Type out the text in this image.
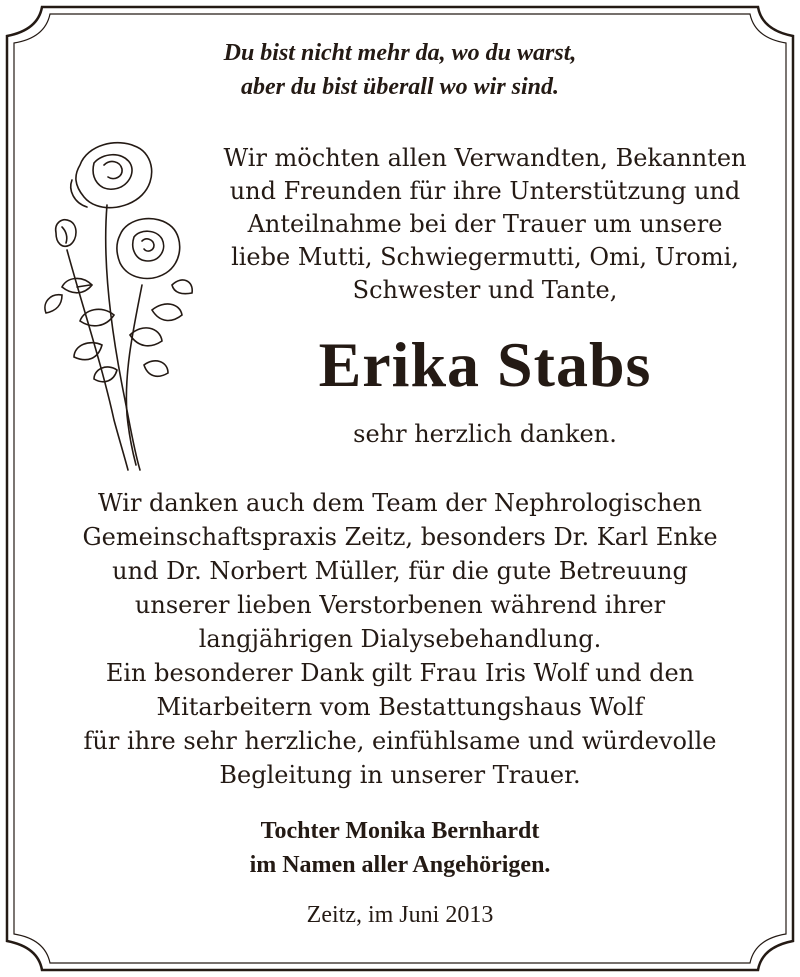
Du bist nicht mehr da, wo du warst,
aber du bist überall wo wir sind.
Wir möchten allen Verwandten, Bekannten
und Freunden für ihre Unterstützung und
Anteilnahme bei der Trauer um unsere
liebe Mutti, Schwiegermutti, Omi, Uromi,
Schwester und Tante,
Erika Stabs
sehr herzlich danken.
Wir danken auch dem Team der Nephrologischen
Gemeinschaftspraxis Zeitz, besonders Dr. Karl Enke
und Dr. Norbert Müller, für die gute Betreuung
unserer lieben Verstorbenen während ihrer
langjährigen Dialysebehandlung.
Ein besonderer Dank gilt Frau Iris Wolf und den
Mitarbeitern vom Bestattungshaus Wolf
für ihre sehr herzliche, einfühlsame und würdevolle
Begleitung in unserer Trauer.
Tochter Monika Bernhardt
im Namen aller Angehörigen.
Zeitz, im Juni 2013
